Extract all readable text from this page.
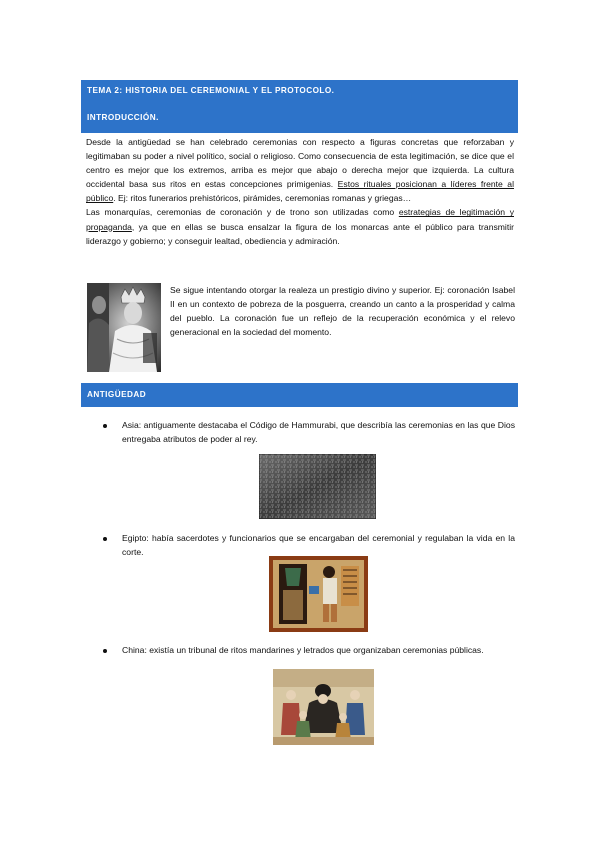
TEMA 2: HISTORIA DEL CEREMONIAL Y EL PROTOCOLO.
INTRODUCCIÓN.

Desde la antigüedad se han celebrado ceremonias con respecto a figuras concretas que reforzaban y legitimaban su poder a nivel político, social o religioso. Como consecuencia de esta legitimación, se dice que el centro es mejor que los extremos, arriba es mejor que abajo o derecha mejor que izquierda. La cultura occidental basa sus ritos en estas concepciones primigenias. Estos rituales posicionan a líderes frente al público. Ej: ritos funerarios prehistóricos, pirámides, ceremonias romanas y griegas…

Las monarquías, ceremonias de coronación y de trono son utilizadas como estrategias de legitimación y propaganda, ya que en ellas se busca ensalzar la figura de los monarcas ante el público para transmitir liderazgo y gobierno; y conseguir lealtad, obediencia y admiración.

Se sigue intentando otorgar la realeza un prestigio divino y superior. Ej: coronación Isabel II en un contexto de pobreza de la posguerra, creando un canto a la prosperidad y calma del pueblo. La coronación fue un reflejo de la recuperación económica y el relevo generacional en la sociedad del momento.

ANTIGÜEDAD

Asia: antiguamente destacaba el Código de Hammurabi, que describía las ceremonias en las que Dios entregaba atributos de poder al rey.

Egipto: había sacerdotes y funcionarios que se encargaban del ceremonial y regulaban la vida en la corte.

China: existía un tribunal de ritos mandarines y letrados que organizaban ceremonias públicas.
